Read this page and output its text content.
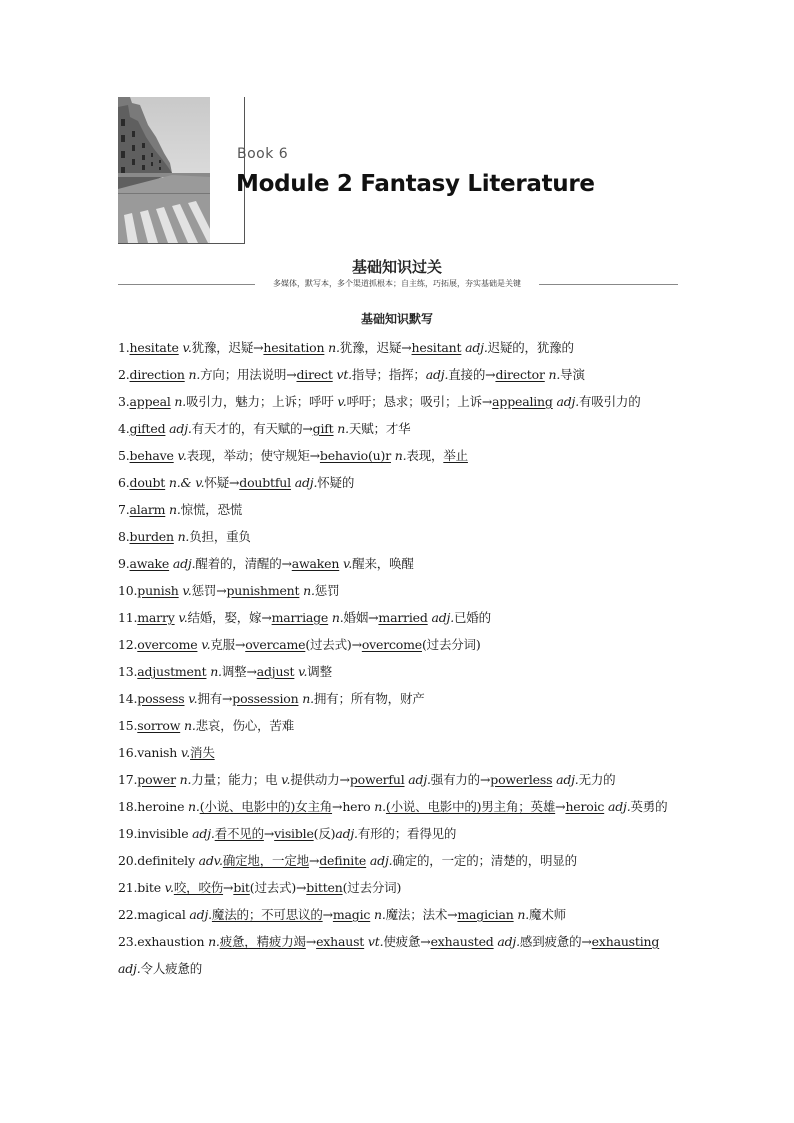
Book 6
Module 2 Fantasy Literature
基础知识过关
多媒体，默写本，多个渠道抓根本；自主练，巧拓展，夯实基础是关键
基础知识默写
1.hesitate v.犹豫，迟疑→hesitation n.犹豫，迟疑→hesitant adj.迟疑的，犹豫的
2.direction n.方向；用法说明→direct vt.指导；指挥；adj.直接的→director n.导演
3.appeal n.吸引力，魅力；上诉；呼吁 v.呼吁；恳求；吸引；上诉→appealing adj.有吸引力的
4.gifted adj.有天才的，有天赋的→gift n.天赋；才华
5.behave v.表现，举动；使守规矩→behavio(u)r n.表现，举止
6.doubt n.& v.怀疑→doubtful adj.怀疑的
7.alarm n.惊慌，恐慌
8.burden n.负担，重负
9.awake adj.醒着的，清醒的→awaken v.醒来，唤醒
10.punish v.惩罚→punishment n.惩罚
11.marry v.结婚，娶，嫁→marriage n.婚姻→married adj.已婚的
12.overcome v.克服→overcame(过去式)→overcome(过去分词)
13.adjustment n.调整→adjust v.调整
14.possess v.拥有→possession n.拥有；所有物，财产
15.sorrow n.悲哀，伤心，苦难
16.vanish v.消失
17.power n.力量；能力；电 v.提供动力→powerful adj.强有力的→powerless adj.无力的
18.heroine n.(小说、电影中的)女主角→hero n.(小说、电影中的)男主角；英雄→heroic adj.英勇的
19.invisible adj.看不见的→visible(反)adj.有形的；看得见的
20.definitely adv.确定地，一定地→definite adj.确定的，一定的；清楚的，明显的
21.bite v.咬，咬伤→bit(过去式)→bitten(过去分词)
22.magical adj.魔法的；不可思议的→magic n.魔法；法术→magician n.魔术师
23.exhaustion n.疲惫，精疲力竭→exhaust vt.使疲惫→exhausted adj.感到疲惫的→exhausting adj.令人疲惫的
